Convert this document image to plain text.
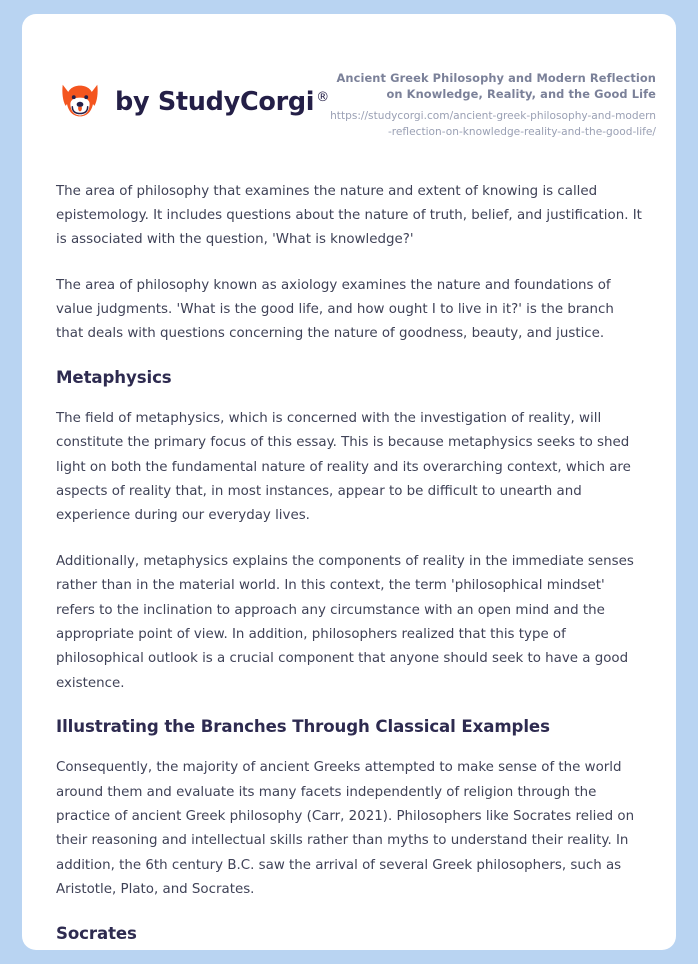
by StudyCorgi ®
Ancient Greek Philosophy and Modern Reflection on Knowledge, Reality, and the Good Life
https://studycorgi.com/ancient-greek-philosophy-and-modern-reflection-on-knowledge-reality-and-the-good-life/

The area of philosophy that examines the nature and extent of knowing is called epistemology. It includes questions about the nature of truth, belief, and justification. It is associated with the question, 'What is knowledge?'

The area of philosophy known as axiology examines the nature and foundations of value judgments. 'What is the good life, and how ought I to live in it?' is the branch that deals with questions concerning the nature of goodness, beauty, and justice.

Metaphysics

The field of metaphysics, which is concerned with the investigation of reality, will constitute the primary focus of this essay. This is because metaphysics seeks to shed light on both the fundamental nature of reality and its overarching context, which are aspects of reality that, in most instances, appear to be difficult to unearth and experience during our everyday lives.

Additionally, metaphysics explains the components of reality in the immediate senses rather than in the material world. In this context, the term 'philosophical mindset' refers to the inclination to approach any circumstance with an open mind and the appropriate point of view. In addition, philosophers realized that this type of philosophical outlook is a crucial component that anyone should seek to have a good existence.

Illustrating the Branches Through Classical Examples

Consequently, the majority of ancient Greeks attempted to make sense of the world around them and evaluate its many facets independently of religion through the practice of ancient Greek philosophy (Carr, 2021). Philosophers like Socrates relied on their reasoning and intellectual skills rather than myths to understand their reality. In addition, the 6th century B.C. saw the arrival of several Greek philosophers, such as Aristotle, Plato, and Socrates.

Socrates
